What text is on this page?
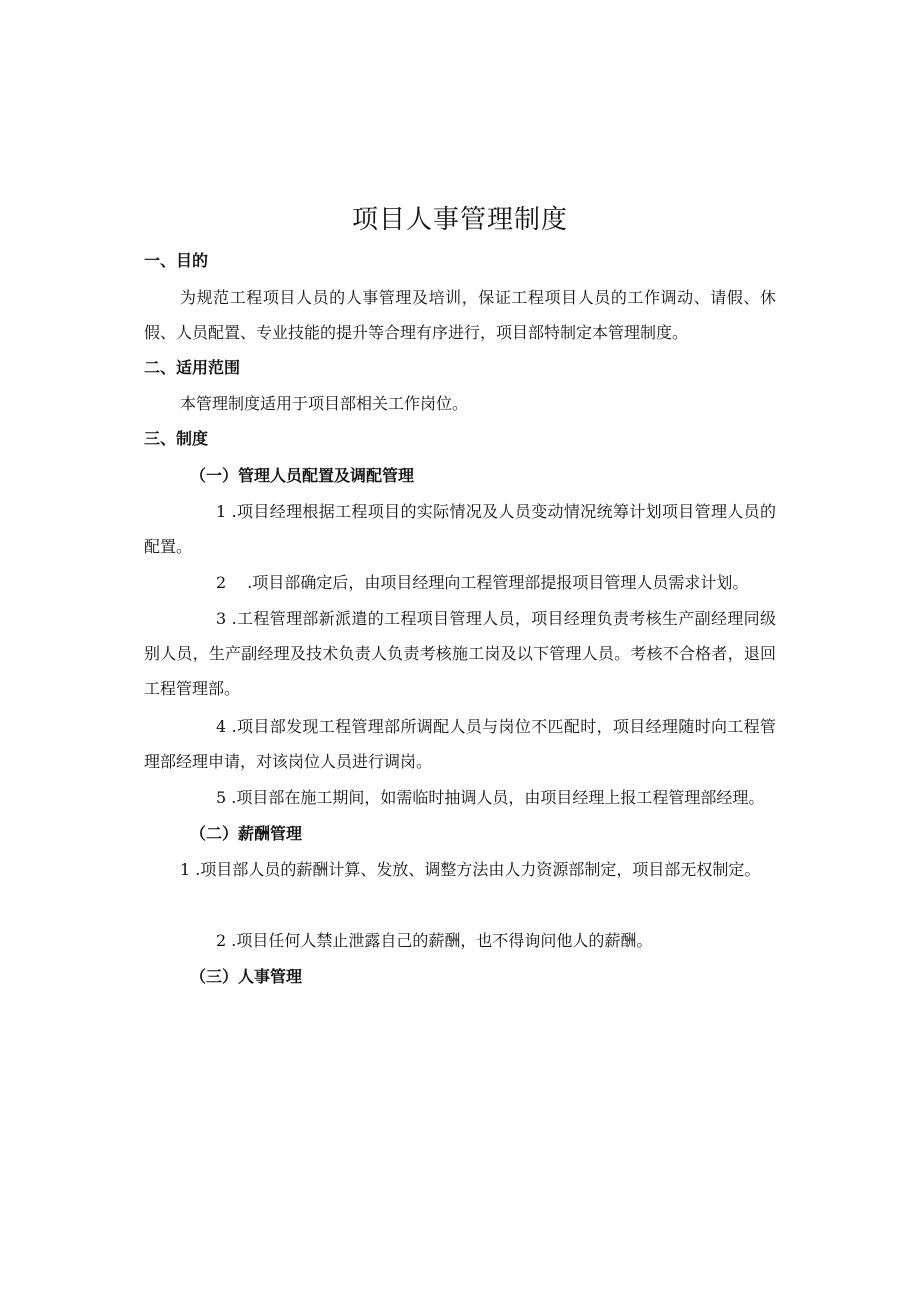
项目人事管理制度
一、目的
为规范工程项目人员的人事管理及培训，保证工程项目人员的工作调动、请假、休假、人员配置、专业技能的提升等合理有序进行，项目部特制定本管理制度。
二、适用范围
本管理制度适用于项目部相关工作岗位。
三、制度
（一）管理人员配置及调配管理
1 .项目经理根据工程项目的实际情况及人员变动情况统筹计划项目管理人员的配置。
2　 .项目部确定后，由项目经理向工程管理部提报项目管理人员需求计划。
3 .工程管理部新派遣的工程项目管理人员，项目经理负责考核生产副经理同级别人员，生产副经理及技术负责人负责考核施工岗及以下管理人员。考核不合格者，退回工程管理部。
4 .项目部发现工程管理部所调配人员与岗位不匹配时，项目经理随时向工程管理部经理申请，对该岗位人员进行调岗。
5 .项目部在施工期间，如需临时抽调人员，由项目经理上报工程管理部经理。
（二）薪酬管理
1 .项目部人员的薪酬计算、发放、调整方法由人力资源部制定，项目部无权制定。
2 .项目任何人禁止泄露自己的薪酬，也不得询问他人的薪酬。
（三）人事管理
